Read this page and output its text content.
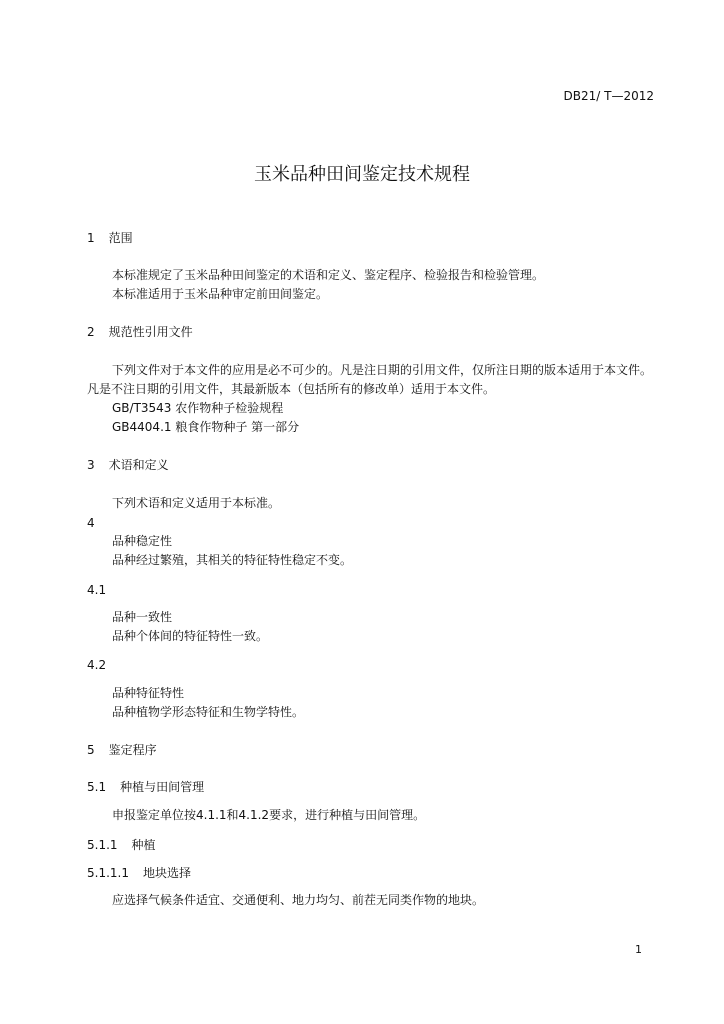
DB21/ T—2012
玉米品种田间鉴定技术规程
1 范围
本标准规定了玉米品种田间鉴定的术语和定义、鉴定程序、检验报告和检验管理。
本标准适用于玉米品种审定前田间鉴定。
2 规范性引用文件
下列文件对于本文件的应用是必不可少的。凡是注日期的引用文件，仅所注日期的版本适用于本文件。凡是不注日期的引用文件，其最新版本（包括所有的修改单）适用于本文件。
GB/T3543 农作物种子检验规程
GB4404.1 粮食作物种子 第一部分
3 术语和定义
下列术语和定义适用于本标准。
4
品种稳定性
品种经过繁殖，其相关的特征特性稳定不变。
4.1
品种一致性
品种个体间的特征特性一致。
4.2
品种特征特性
品种植物学形态特征和生物学特性。
5 鉴定程序
5.1 种植与田间管理
申报鉴定单位按4.1.1和4.1.2要求，进行种植与田间管理。
5.1.1 种植
5.1.1.1 地块选择
应选择气候条件适宜、交通便利、地力均匀、前茬无同类作物的地块。
1
